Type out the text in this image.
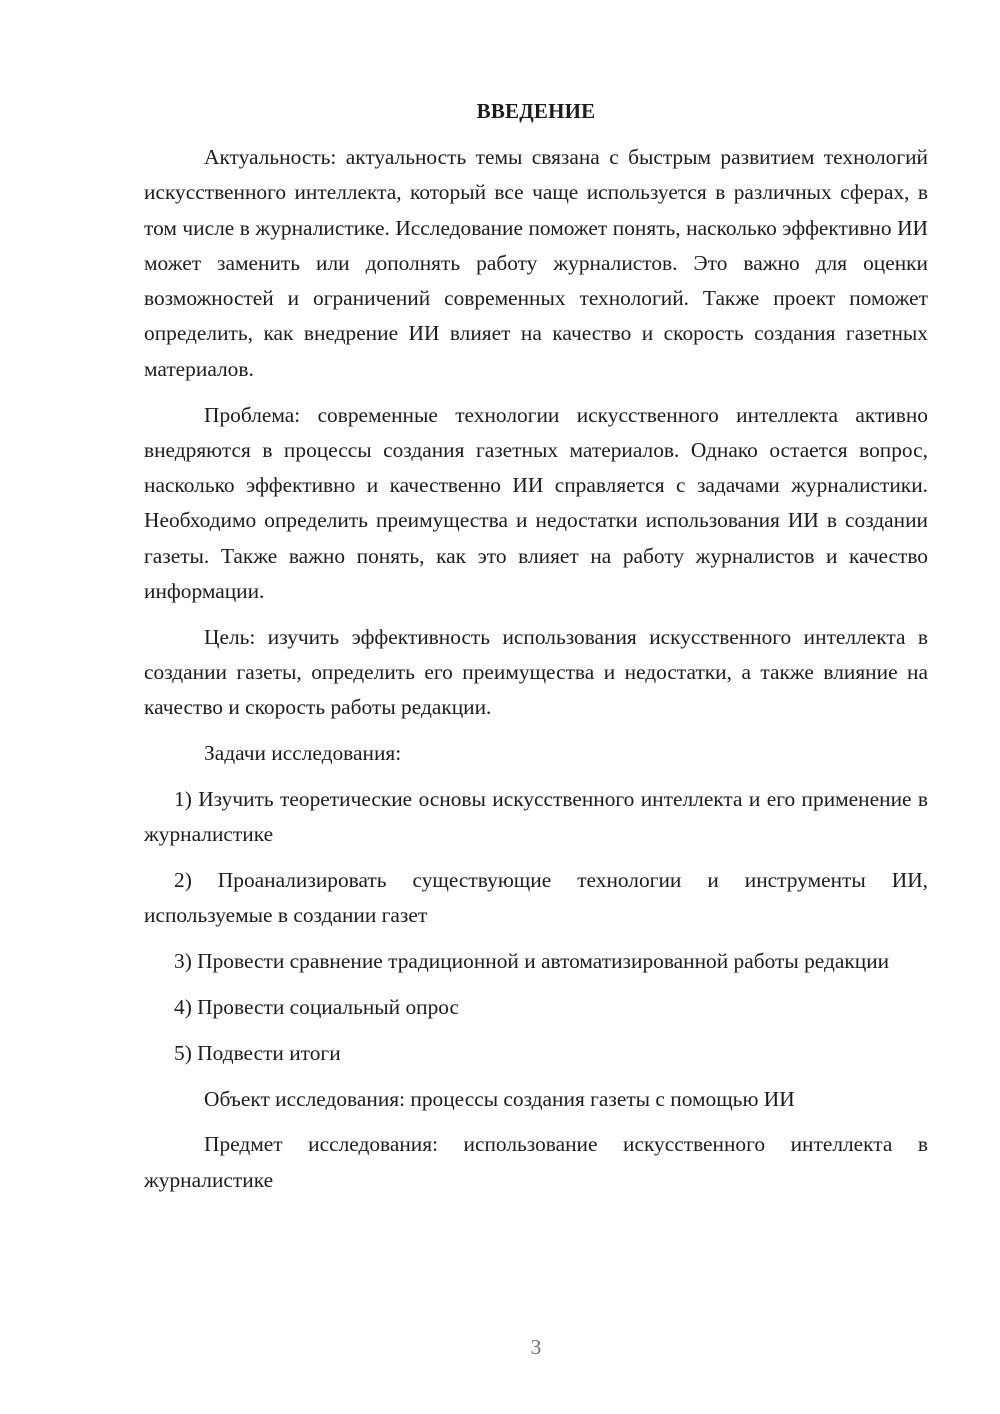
ВВЕДЕНИЕ

Актуальность: актуальность темы связана с быстрым развитием технологий искусственного интеллекта, который все чаще используется в различных сферах, в том числе в журналистике. Исследование поможет понять, насколько эффективно ИИ может заменить или дополнять работу журналистов. Это важно для оценки возможностей и ограничений современных технологий. Также проект поможет определить, как внедрение ИИ влияет на качество и скорость создания газетных материалов.

Проблема: современные технологии искусственного интеллекта активно внедряются в процессы создания газетных материалов. Однако остается вопрос, насколько эффективно и качественно ИИ справляется с задачами журналистики. Необходимо определить преимущества и недостатки использования ИИ в создании газеты. Также важно понять, как это влияет на работу журналистов и качество информации.

Цель: изучить эффективность использования искусственного интеллекта в создании газеты, определить его преимущества и недостатки, а также влияние на качество и скорость работы редакции.

Задачи исследования:

1) Изучить теоретические основы искусственного интеллекта и его применение в журналистике

2) Проанализировать существующие технологии и инструменты ИИ, используемые в создании газет

3) Провести сравнение традиционной и автоматизированной работы редакции

4) Провести социальный опрос

5) Подвести итоги

Объект исследования: процессы создания газеты с помощью ИИ

Предмет исследования: использование искусственного интеллекта в журналистике

3
